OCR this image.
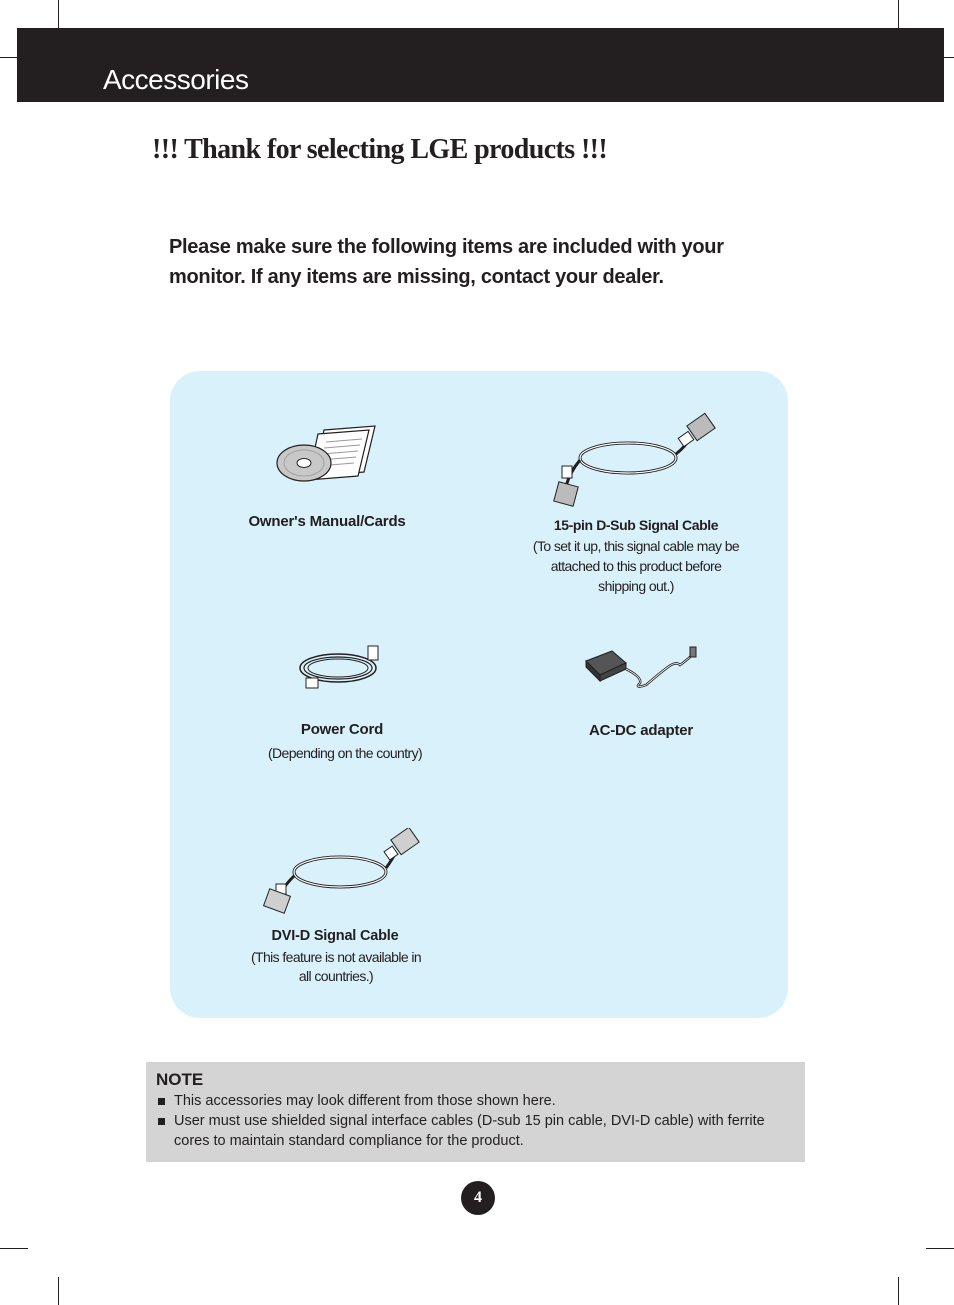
Accessories
!!! Thank for selecting LGE products !!!
Please make sure the following items are included with your
monitor. If any items are missing, contact your dealer.
Owner's Manual/Cards	15-pin D-Sub Signal Cable
(To set it up, this signal cable may be
attached to this product before
shipping out.)
Power Cord
(Depending on the country)
AC-DC adapter
DVI-D Signal Cable
(This feature is not available in
all countries.)
NOTE
This accessories may look different from those shown here.
User must use shielded signal interface cables (D-sub 15 pin cable, DVI-D cable) with ferrite cores to maintain standard compliance for the product.
4
